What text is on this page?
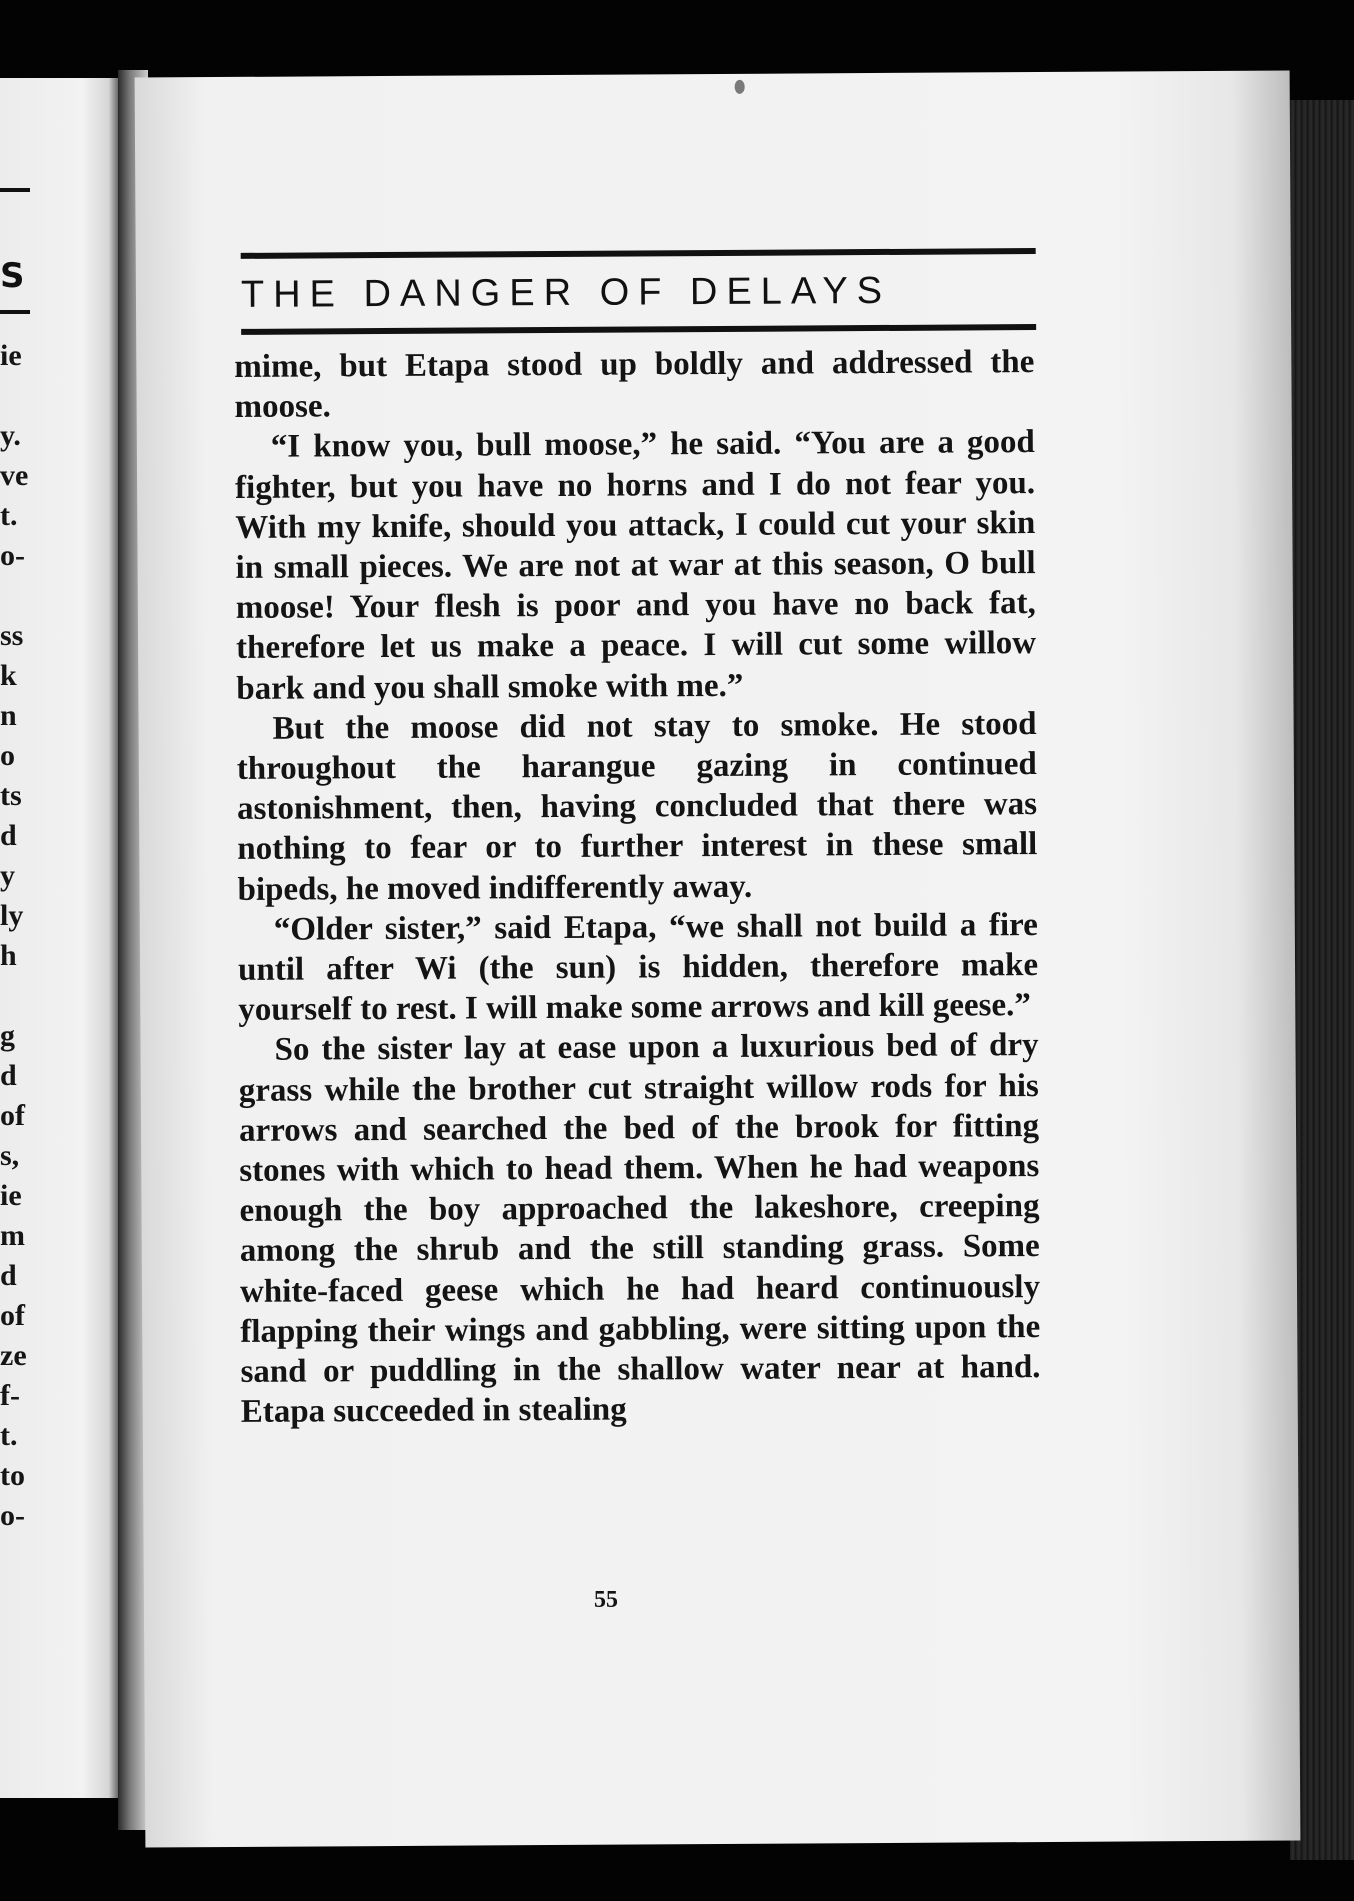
S
ie
y.
ve
t.
o-
ss
k
n
o
ts
d
y
ly
h
g
d
of
s,
ie
m
d
of
ze
f-
t.
to
o-
THE DANGER OF DELAYS

mime, but Etapa stood up boldly and addressed the moose.

“I know you, bull moose,” he said. “You are a good fighter, but you have no horns and I do not fear you. With my knife, should you attack, I could cut your skin in small pieces. We are not at war at this season, O bull moose! Your flesh is poor and you have no back fat, therefore let us make a peace. I will cut some willow bark and you shall smoke with me.”

But the moose did not stay to smoke. He stood throughout the harangue gazing in continued astonishment, then, having concluded that there was nothing to fear or to further interest in these small bipeds, he moved indifferently away.

“Older sister,” said Etapa, “we shall not build a fire until after Wi (the sun) is hidden, therefore make yourself to rest. I will make some arrows and kill geese.”

So the sister lay at ease upon a luxurious bed of dry grass while the brother cut straight willow rods for his arrows and searched the bed of the brook for fitting stones with which to head them. When he had weapons enough the boy approached the lakeshore, creeping among the shrub and the still standing grass. Some white-faced geese which he had heard continuously flapping their wings and gabbling, were sitting upon the sand or puddling in the shallow water near at hand. Etapa succeeded in stealing

55
